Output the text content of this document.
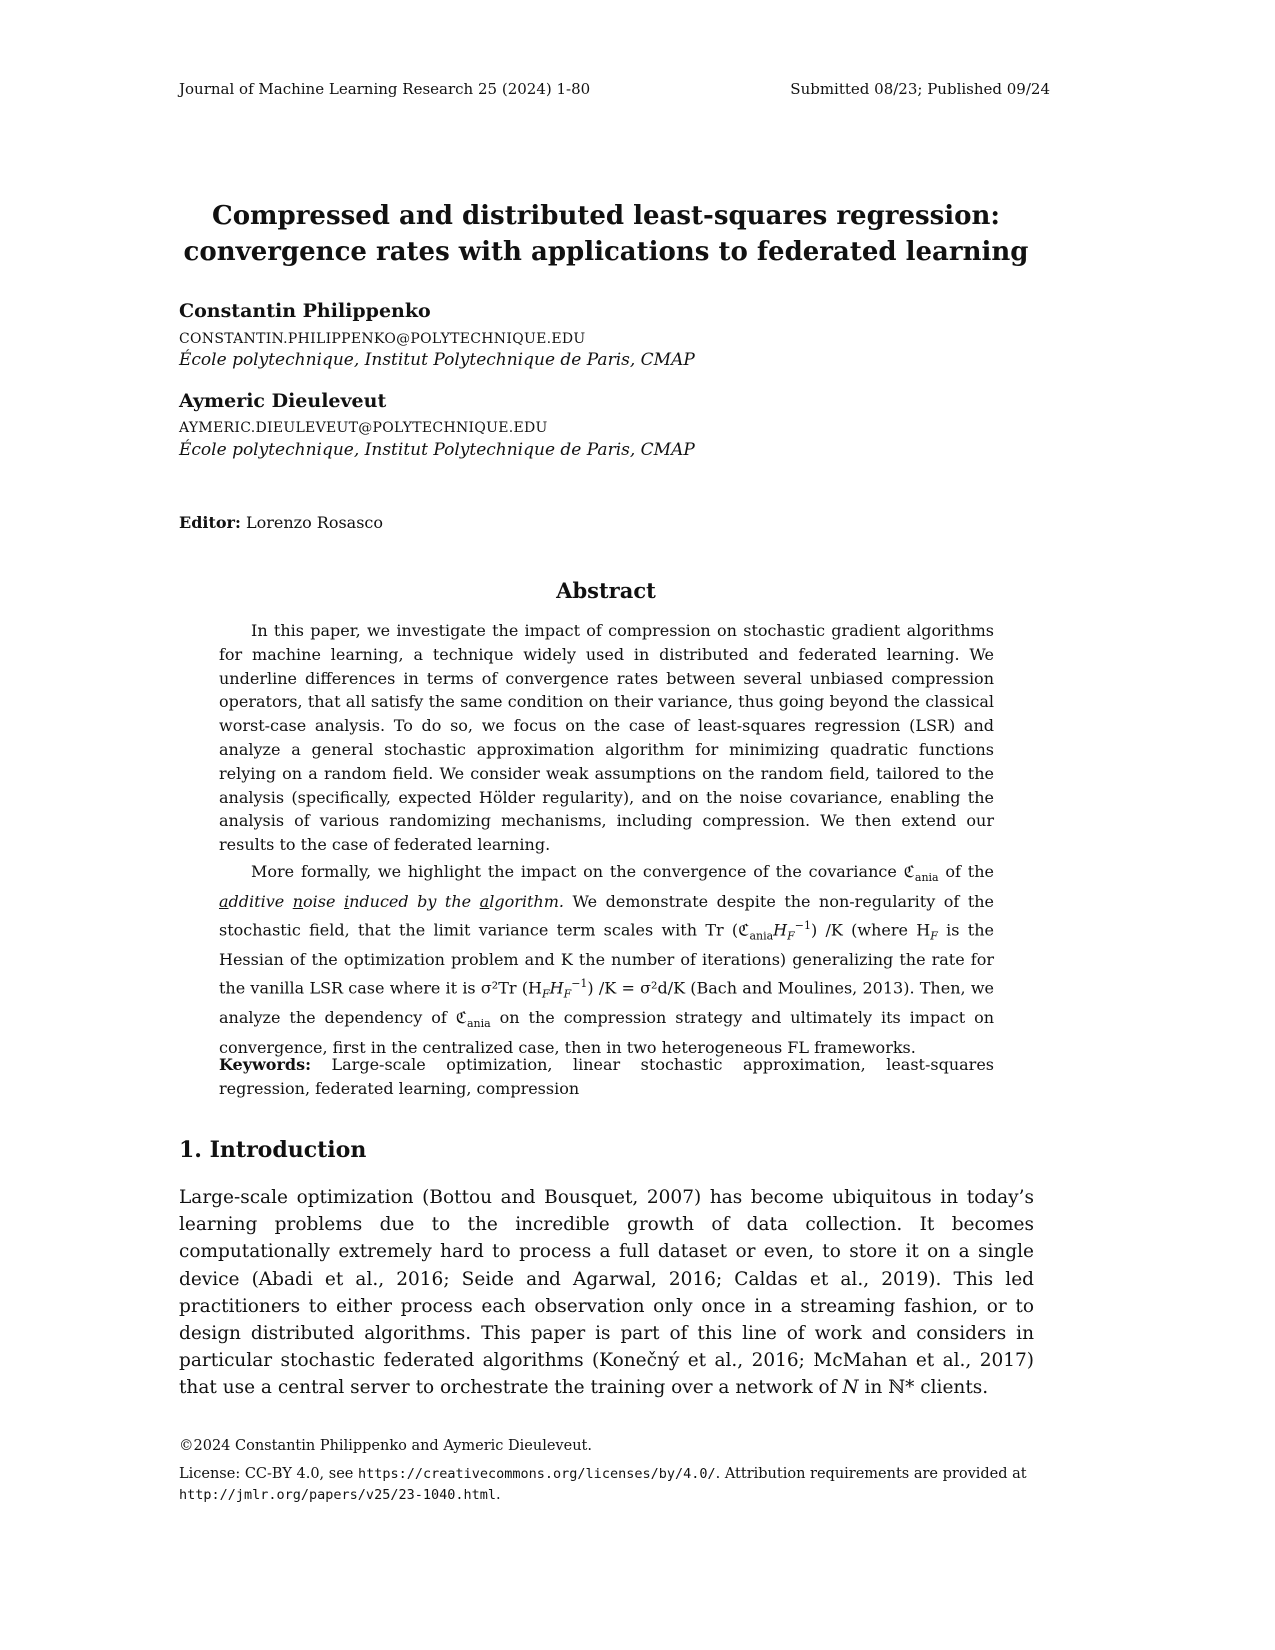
Journal of Machine Learning Research 25 (2024) 1-80	Submitted 08/23; Published 09/24
Compressed and distributed least-squares regression:
convergence rates with applications to federated learning
Constantin Philippenko
CONSTANTIN.PHILIPPENKO@POLYTECHNIQUE.EDU
École polytechnique, Institut Polytechnique de Paris, CMAP
Aymeric Dieuleveut
AYMERIC.DIEULEVEUT@POLYTECHNIQUE.EDU
École polytechnique, Institut Polytechnique de Paris, CMAP
Editor: Lorenzo Rosasco
Abstract

In this paper, we investigate the impact of compression on stochastic gradient algorithms for machine learning, a technique widely used in distributed and federated learning. We underline differences in terms of convergence rates between several unbiased compression operators, that all satisfy the same condition on their variance, thus going beyond the classical worst-case analysis. To do so, we focus on the case of least-squares regression (LSR) and analyze a general stochastic approximation algorithm for minimizing quadratic functions relying on a random field. We consider weak assumptions on the random field, tailored to the analysis (specifically, expected Hölder regularity), and on the noise covariance, enabling the analysis of various randomizing mechanisms, including compression. We then extend our results to the case of federated learning.

More formally, we highlight the impact on the convergence of the covariance ℭ$_{ania}$ of the additive noise induced by the algorithm. We demonstrate despite the non-regularity of the stochastic field, that the limit variance term scales with Tr $(ℭ_{ania}H_F^{-1})$ /K (where $H_F$ is the Hessian of the optimization problem and K the number of iterations) generalizing the rate for the vanilla LSR case where it is σ²Tr $(H_FH_F^{-1}) /K = \sigma^2d/K$ (Bach and Moulines, 2013). Then, we analyze the dependency of ℭ$_{ania}$ on the compression strategy and ultimately its impact on convergence, first in the centralized case, then in two heterogeneous FL frameworks.

Keywords: Large-scale optimization, linear stochastic approximation, least-squares regression, federated learning, compression
1. Introduction
Large-scale optimization (Bottou and Bousquet, 2007) has become ubiquitous in today’s learning problems due to the incredible growth of data collection. It becomes computationally extremely hard to process a full dataset or even, to store it on a single device (Abadi et al., 2016; Seide and Agarwal, 2016; Caldas et al., 2019). This led practitioners to either process each observation only once in a streaming fashion, or to design distributed algorithms. This paper is part of this line of work and considers in particular stochastic federated algorithms (Konečný et al., 2016; McMahan et al., 2017) that use a central server to orchestrate the training over a network of N in ℕ* clients.
©2024 Constantin Philippenko and Aymeric Dieuleveut.
License: CC-BY 4.0, see https://creativecommons.org/licenses/by/4.0/. Attribution requirements are provided at http://jmlr.org/papers/v25/23-1040.html.
